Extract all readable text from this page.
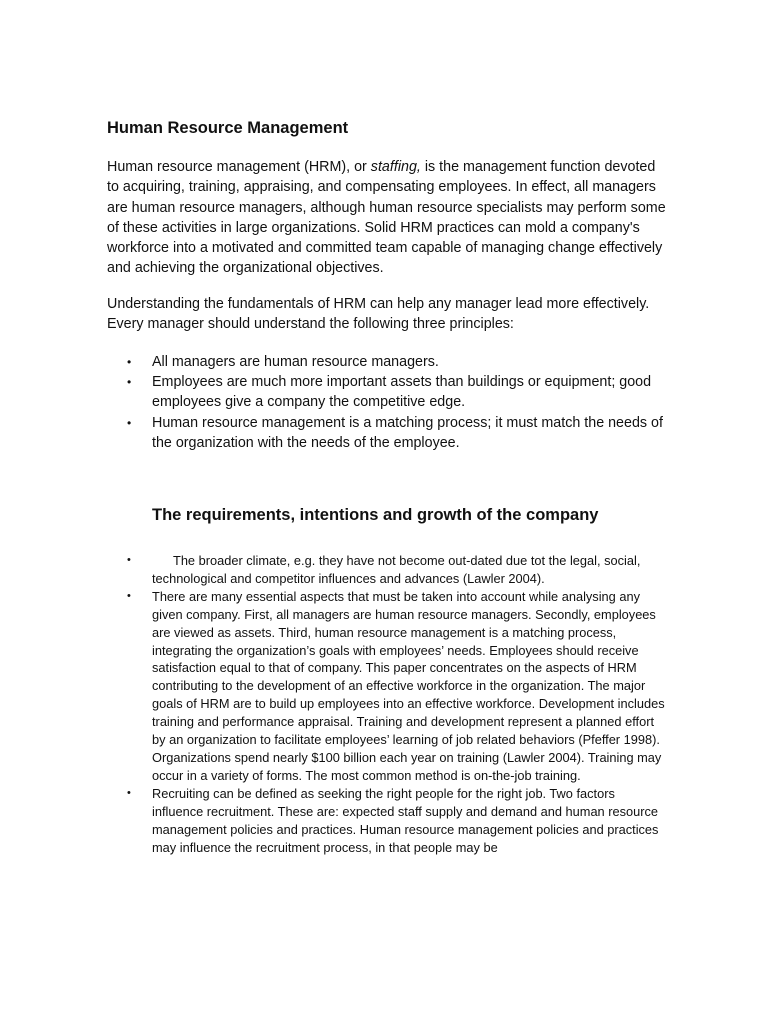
Human Resource Management

Human resource management (HRM), or staffing, is the management function devoted to acquiring, training, appraising, and compensating employees. In effect, all managers are human resource managers, although human resource specialists may perform some of these activities in large organizations. Solid HRM practices can mold a company's workforce into a motivated and committed team capable of managing change effectively and achieving the organizational objectives.

Understanding the fundamentals of HRM can help any manager lead more effectively. Every manager should understand the following three principles:

• All managers are human resource managers.
• Employees are much more important assets than buildings or equipment; good employees give a company the competitive edge.
• Human resource management is a matching process; it must match the needs of the organization with the needs of the employee.
The requirements, intentions and growth of the company
•	The broader climate, e.g. they have not become out-dated due tot the legal, social, technological and competitor influences and advances (Lawler 2004).
• There are many essential aspects that must be taken into account while analysing any given company. First, all managers are human resource managers. Secondly, employees are viewed as assets. Third, human resource management is a matching process, integrating the organization’s goals with employees’ needs. Employees should receive satisfaction equal to that of company. This paper concentrates on the aspects of HRM contributing to the development of an effective workforce in the organization. The major goals of HRM are to build up employees into an effective workforce. Development includes training and performance appraisal. Training and development represent a planned effort by an organization to facilitate employees’ learning of job related behaviors (Pfeffer 1998). Organizations spend nearly $100 billion each year on training (Lawler 2004). Training may occur in a variety of forms. The most common method is on-the-job training.
• Recruiting can be defined as seeking the right people for the right job. Two factors influence recruitment. These are: expected staff supply and demand and human resource management policies and practices. Human resource management policies and practices may influence the recruitment process, in that people may be
